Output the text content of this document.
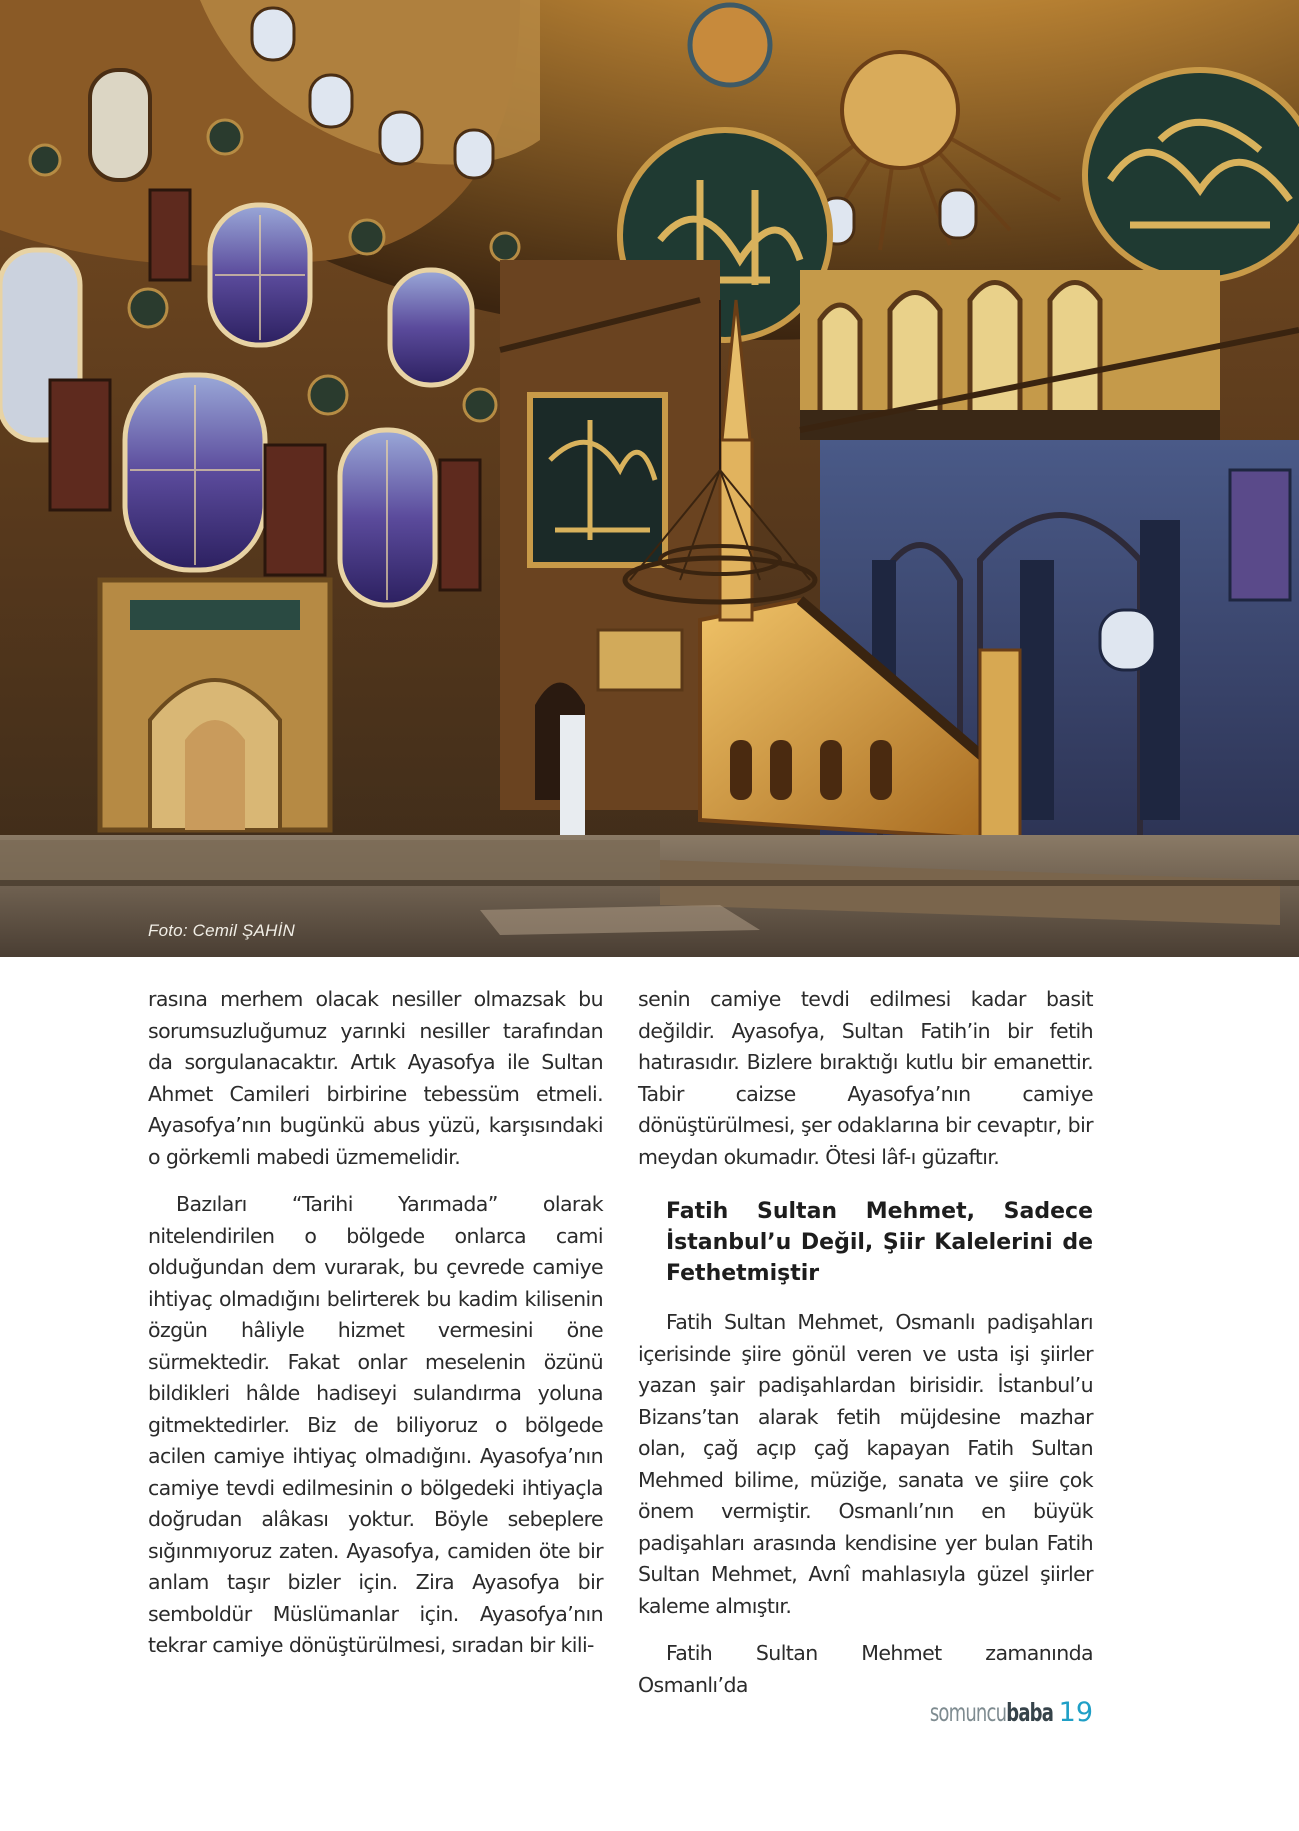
Foto: Cemil ŞAHİN

rasına merhem olacak nesiller olmazsak bu sorumsuzluğumuz yarınki nesiller tarafından da sorgulanacaktır. Artık Ayasofya ile Sultan Ahmet Camileri birbirine tebessüm etmeli. Ayasofya’nın bugünkü abus yüzü, karşısındaki o görkemli mabedi üzmemelidir.

Bazıları “Tarihi Yarımada” olarak nitelendirilen o bölgede onlarca cami olduğundan dem vurarak, bu çevrede camiye ihtiyaç olmadığını belirterek bu kadim kilisenin özgün hâliyle hizmet vermesini öne sürmektedir. Fakat onlar meselenin özünü bildikleri hâlde hadiseyi sulandırma yoluna gitmektedirler. Biz de biliyoruz o bölgede acilen camiye ihtiyaç olmadığını. Ayasofya’nın camiye tevdi edilmesinin o bölgedeki ihtiyaçla doğrudan alâkası yoktur. Böyle sebeplere sığınmıyoruz zaten. Ayasofya, camiden öte bir anlam taşır bizler için. Zira Ayasofya bir semboldür Müslümanlar için. Ayasofya’nın tekrar camiye dönüştürülmesi, sıradan bir kili-

senin camiye tevdi edilmesi kadar basit değildir. Ayasofya, Sultan Fatih’in bir fetih hatırasıdır. Bizlere bıraktığı kutlu bir emanettir. Tabir caizse Ayasofya’nın camiye dönüştürülmesi, şer odaklarına bir cevaptır, bir meydan okumadır. Ötesi lâf-ı güzaftır.

Fatih Sultan Mehmet, Sadece İstanbul’u Değil, Şiir Kalelerini de Fethetmiştir

Fatih Sultan Mehmet, Osmanlı padişahları içerisinde şiire gönül veren ve usta işi şiirler yazan şair padişahlardan birisidir. İstanbul’u Bizans’tan alarak fetih müjdesine mazhar olan, çağ açıp çağ kapayan Fatih Sultan Mehmed bilime, müziğe, sanata ve şiire çok önem vermiştir. Osmanlı’nın en büyük padişahları arasında kendisine yer bulan Fatih Sultan Mehmet, Avnî mahlasıyla güzel şiirler kaleme almıştır.

Fatih Sultan Mehmet zamanında Osmanlı’da

somuncubaba 19
